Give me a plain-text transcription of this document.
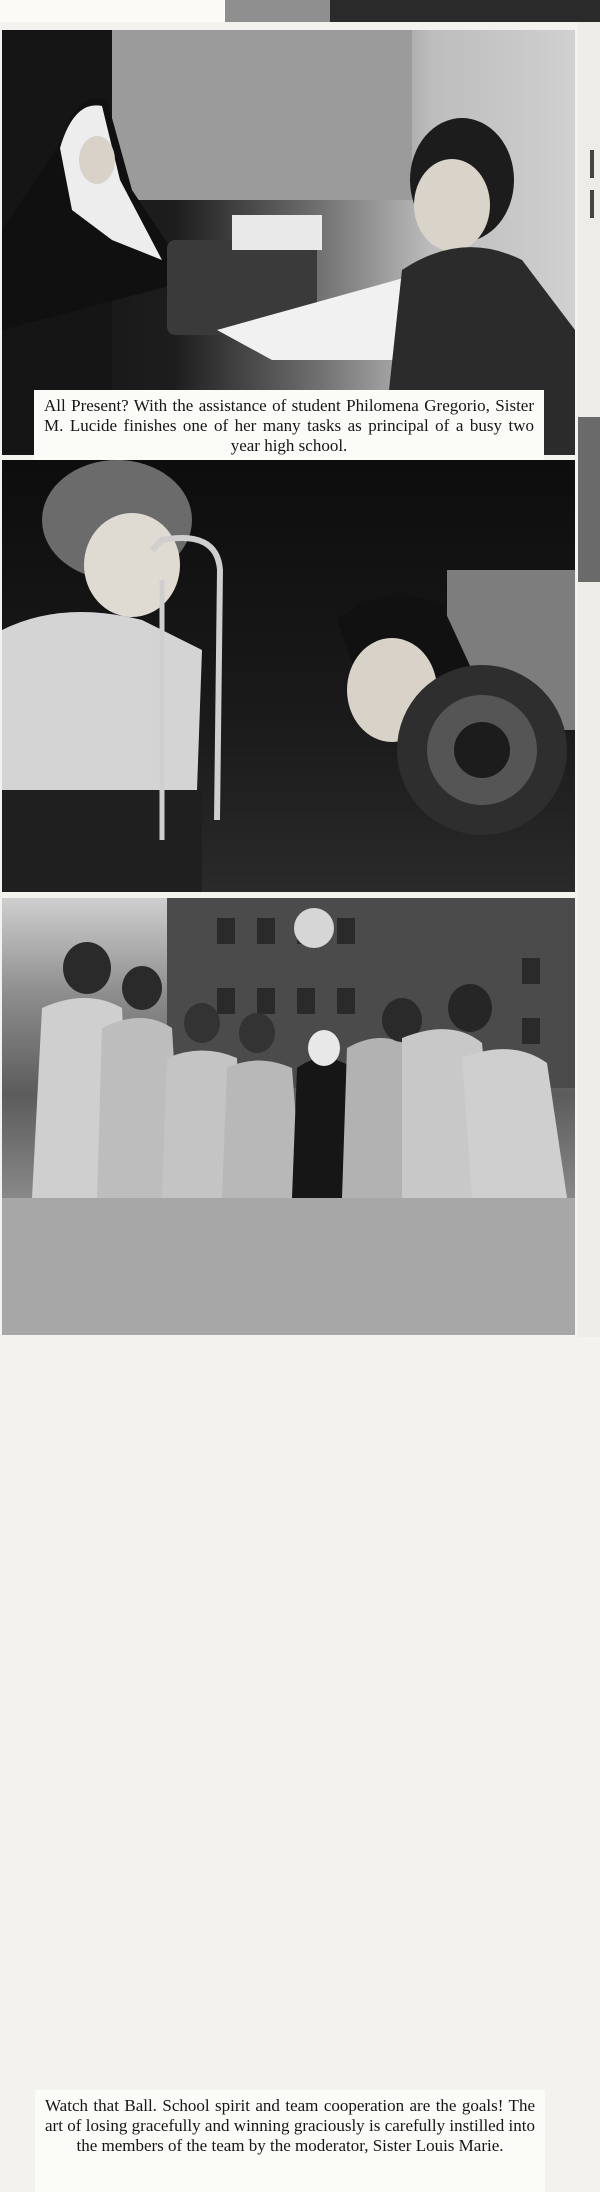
All Present? With the assistance of student Philomena Gregorio, Sister M. Lucide finishes one of her many tasks as principal of a busy two year high school.
Watch that Ball. School spirit and team cooperation are the goals! The art of losing gracefully and winning graciously is carefully instilled into the members of the team by the moderator, Sister Louis Marie.
